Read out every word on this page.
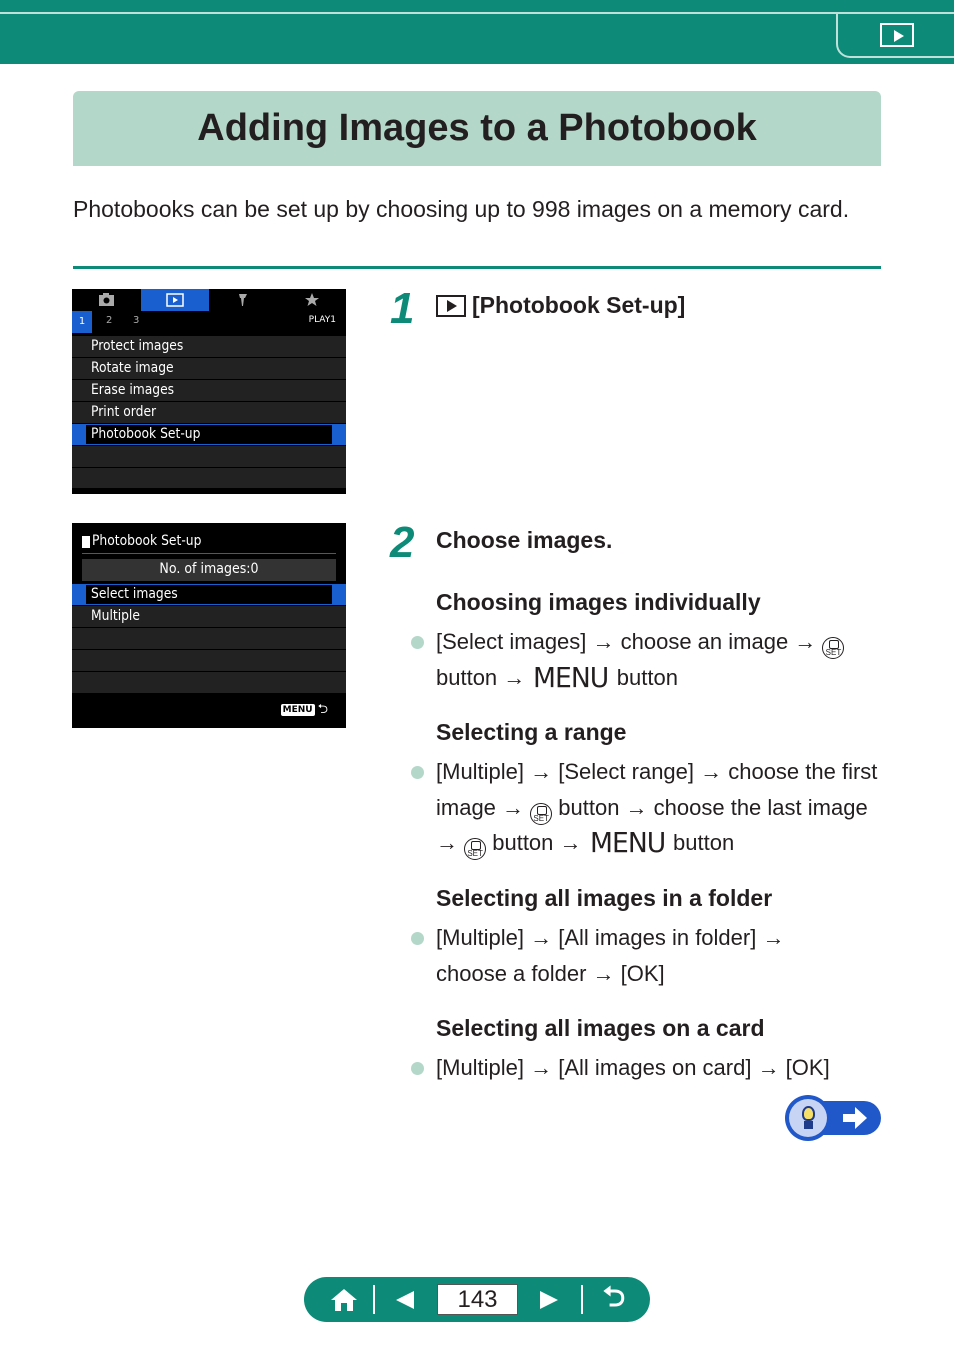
Adding Images to a Photobook

Photobooks can be set up by choosing up to 998 images on a memory card.

1	2 3	PLAY1
Protect images
Rotate image
Erase images
Print order
Photobook Set-up
Photobook Set-up
No. of images:0
Select images
Multiple
MENU ⮌
1	[Photobook Set-up]
2 Choose images.
Choosing images individually
[Select images] → choose an image → SET button → MENU button
Selecting a range
[Multiple] → [Select range] → choose the first image → SET button → choose the last image → SET button → MENU button
Selecting all images in a folder
[Multiple] → [All images in folder] → choose a folder → [OK]
Selecting all images on a card
[Multiple] → [All images on card] → [OK]
143	⮌
